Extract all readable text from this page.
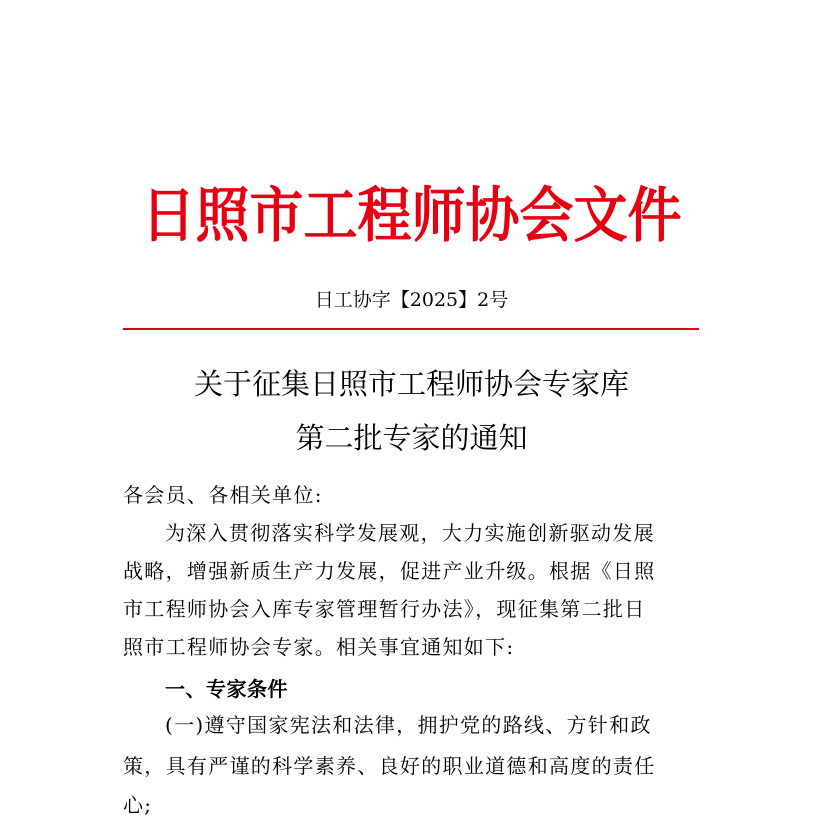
日照市工程师协会文件
日工协字【2025】2号
关于征集日照市工程师协会专家库
第二批专家的通知
各会员、各相关单位:
为深入贯彻落实科学发展观，大力实施创新驱动发展
战略，增强新质生产力发展，促进产业升级。根据《日照
市工程师协会入库专家管理暂行办法》，现征集第二批日
照市工程师协会专家。相关事宜通知如下:
一、专家条件
(一)遵守国家宪法和法律，拥护党的路线、方针和政
策，具有严谨的科学素养、良好的职业道德和高度的责任
心;
